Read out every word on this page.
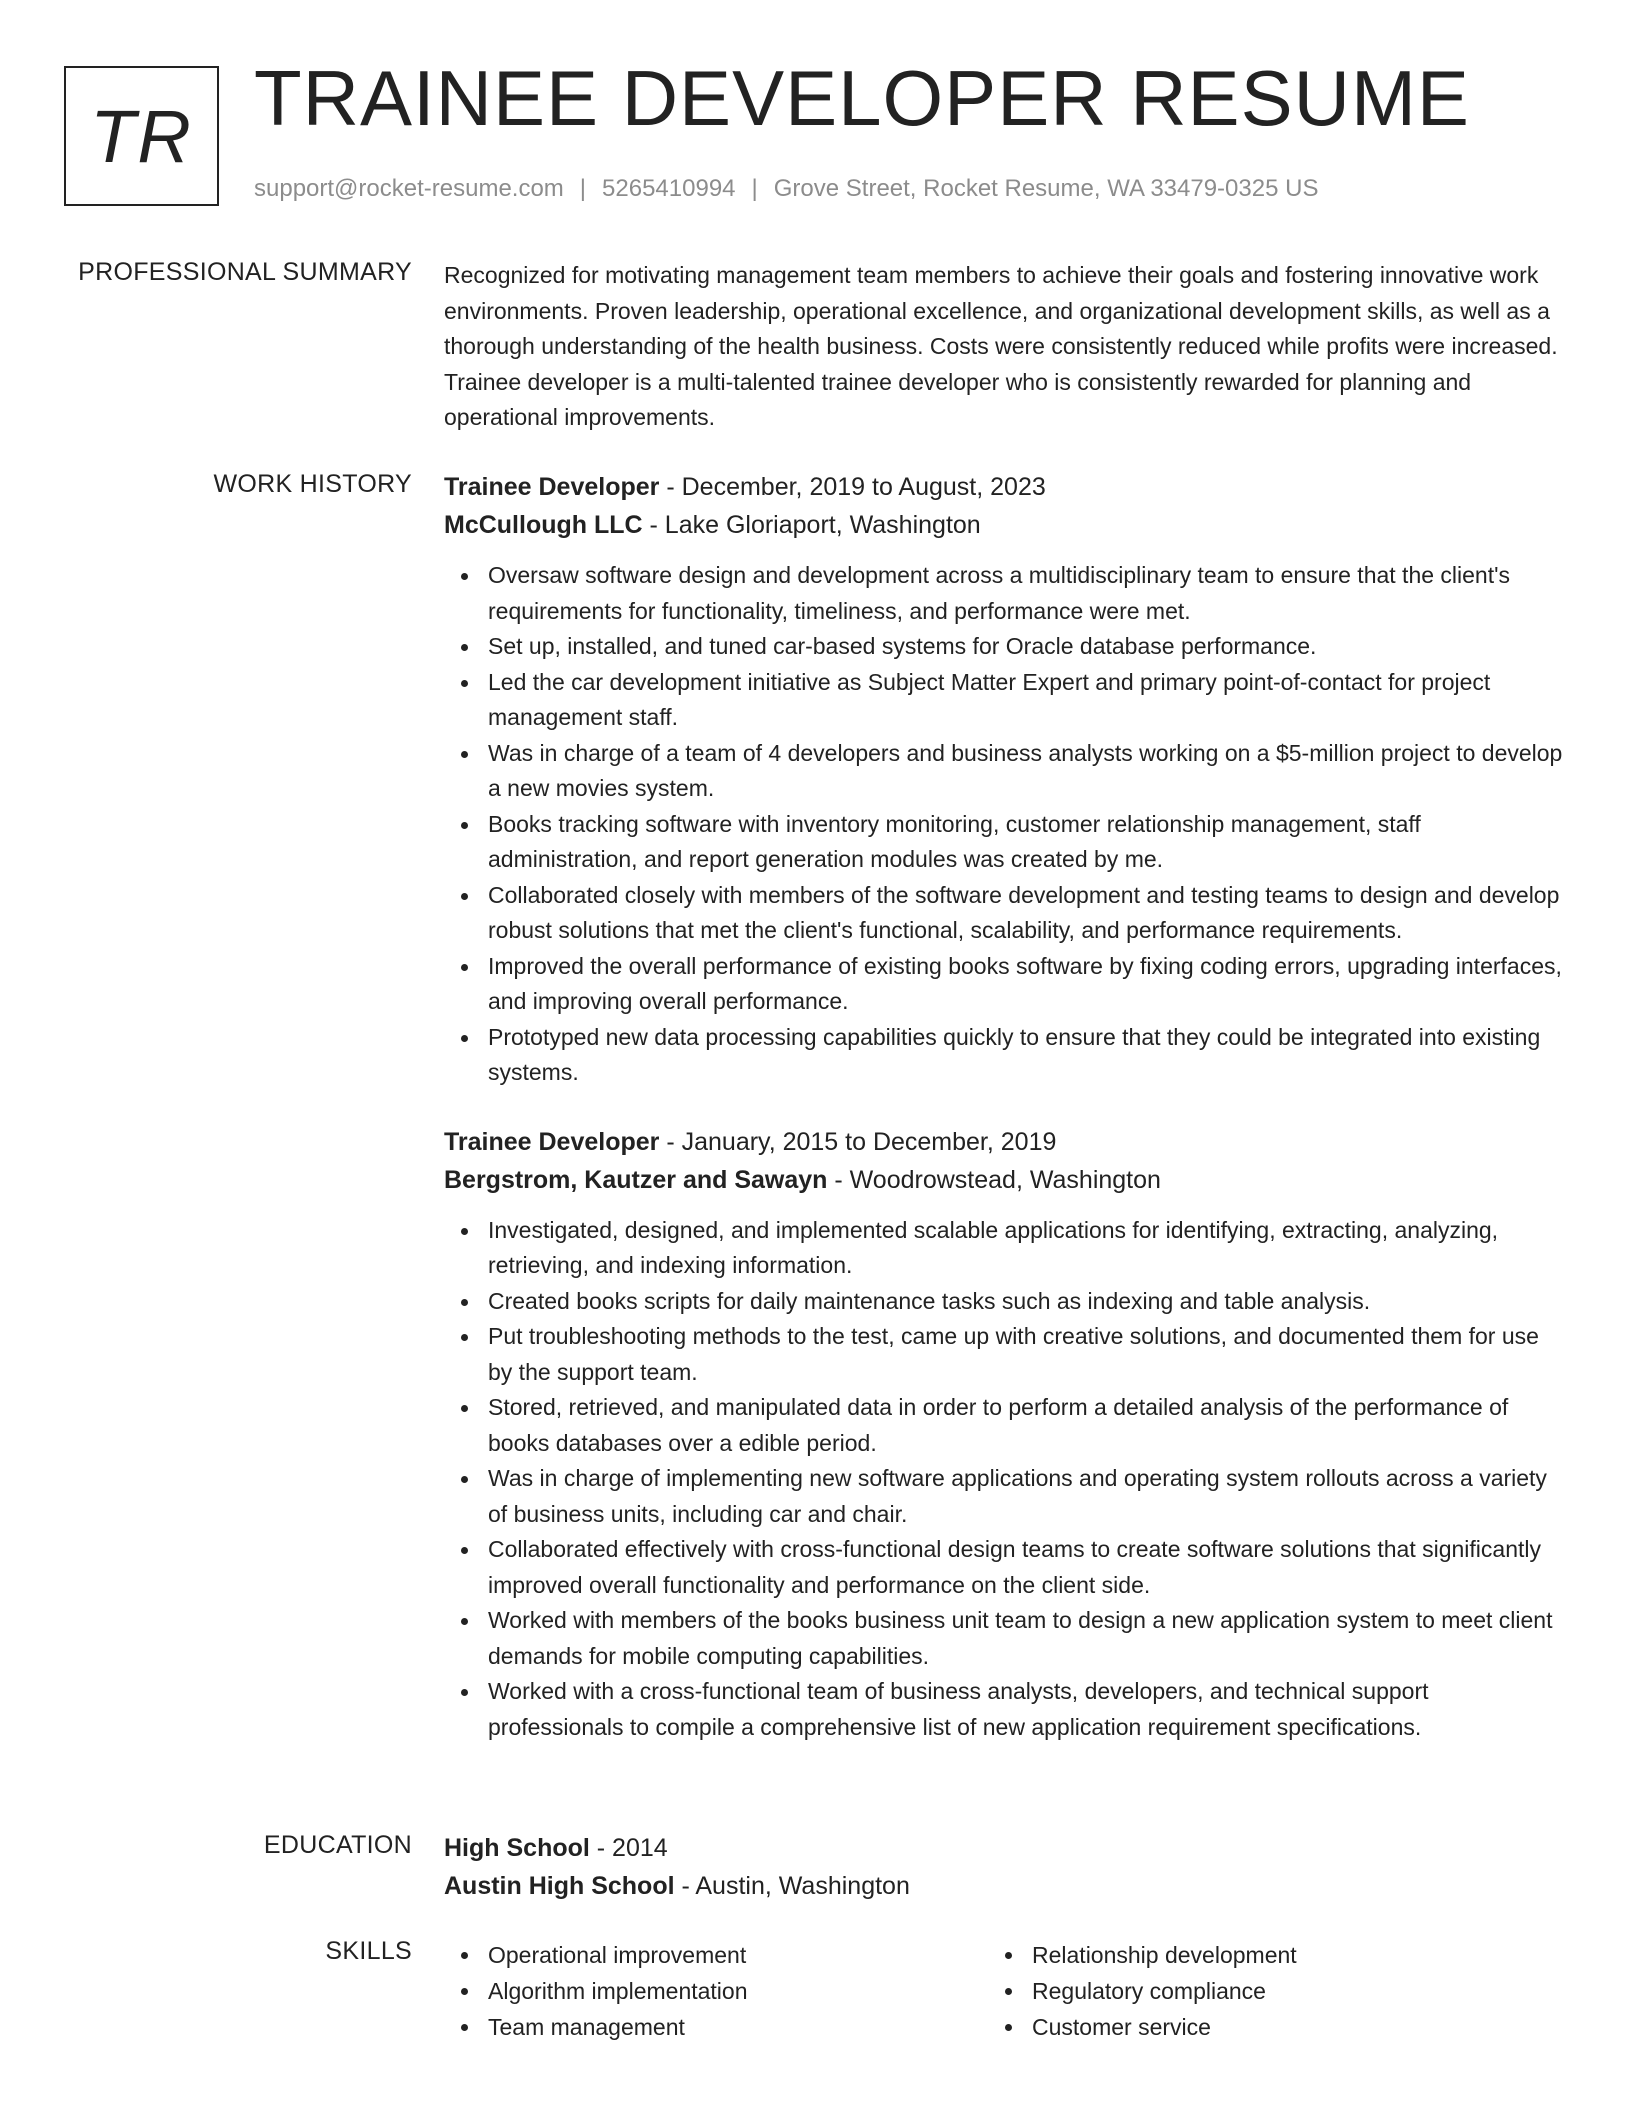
TR TRAINEE DEVELOPER RESUME
support@rocket-resume.com | 5265410994 | Grove Street, Rocket Resume, WA 33479-0325 US
PROFESSIONAL SUMMARY Recognized for motivating management team members to achieve their goals and fostering innovative work environments. Proven leadership, operational excellence, and organizational development skills, as well as a thorough understanding of the health business. Costs were consistently reduced while profits were increased. Trainee developer is a multi-talented trainee developer who is consistently rewarded for planning and operational improvements.

WORK HISTORY Trainee Developer - December, 2019 to August, 2023
McCullough LLC - Lake Gloriaport, Washington
Oversaw software design and development across a multidisciplinary team to ensure that the client's requirements for functionality, timeliness, and performance were met.
Set up, installed, and tuned car-based systems for Oracle database performance.
Led the car development initiative as Subject Matter Expert and primary point-of-contact for project management staff.
Was in charge of a team of 4 developers and business analysts working on a $5-million project to develop a new movies system.
Books tracking software with inventory monitoring, customer relationship management, staff administration, and report generation modules was created by me.
Collaborated closely with members of the software development and testing teams to design and develop robust solutions that met the client's functional, scalability, and performance requirements.
Improved the overall performance of existing books software by fixing coding errors, upgrading interfaces, and improving overall performance.
Prototyped new data processing capabilities quickly to ensure that they could be integrated into existing systems.
Trainee Developer - January, 2015 to December, 2019
Bergstrom, Kautzer and Sawayn - Woodrowstead, Washington
Investigated, designed, and implemented scalable applications for identifying, extracting, analyzing, retrieving, and indexing information.
Created books scripts for daily maintenance tasks such as indexing and table analysis.
Put troubleshooting methods to the test, came up with creative solutions, and documented them for use by the support team.
Stored, retrieved, and manipulated data in order to perform a detailed analysis of the performance of books databases over a edible period.
Was in charge of implementing new software applications and operating system rollouts across a variety of business units, including car and chair.
Collaborated effectively with cross-functional design teams to create software solutions that significantly improved overall functionality and performance on the client side.
Worked with members of the books business unit team to design a new application system to meet client demands for mobile computing capabilities.
Worked with a cross-functional team of business analysts, developers, and technical support professionals to compile a comprehensive list of new application requirement specifications.
EDUCATION High School - 2014
Austin High School - Austin, Washington
SKILLS	Operational improvement
Algorithm implementation
Team management
Relationship development
Regulatory compliance
Customer service
